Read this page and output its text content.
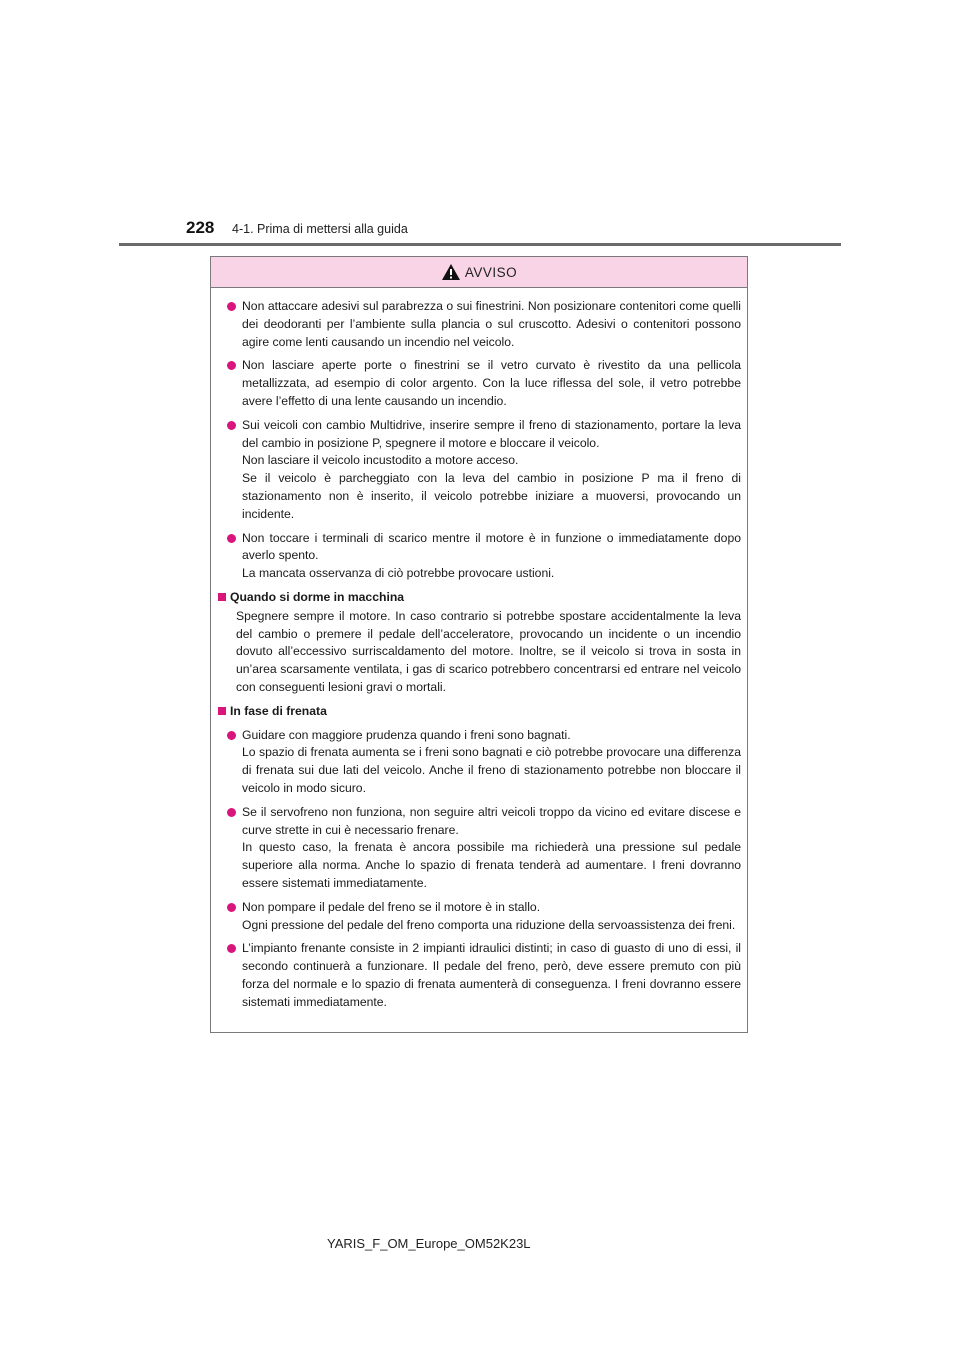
228 4-1. Prima di mettersi alla guida
AVVISO
Non attaccare adesivi sul parabrezza o sui finestrini. Non posizionare contenitori come quelli dei deodoranti per l’ambiente sulla plancia o sul cruscotto. Adesivi o contenitori possono agire come lenti causando un incendio nel veicolo.
Non lasciare aperte porte o finestrini se il vetro curvato è rivestito da una pellicola metallizzata, ad esempio di color argento. Con la luce riflessa del sole, il vetro potrebbe avere l’effetto di una lente causando un incendio.
Sui veicoli con cambio Multidrive, inserire sempre il freno di stazionamento, portare la leva del cambio in posizione P, spegnere il motore e bloccare il veicolo.
Non lasciare il veicolo incustodito a motore acceso.
Se il veicolo è parcheggiato con la leva del cambio in posizione P ma il freno di stazionamento non è inserito, il veicolo potrebbe iniziare a muoversi, provocando un incidente.
Non toccare i terminali di scarico mentre il motore è in funzione o immediatamente dopo averlo spento.
La mancata osservanza di ciò potrebbe provocare ustioni.
Quando si dorme in macchina
Spegnere sempre il motore. In caso contrario si potrebbe spostare accidentalmente la leva del cambio o premere il pedale dell’acceleratore, provocando un incidente o un incendio dovuto all’eccessivo surriscaldamento del motore. Inoltre, se il veicolo si trova in sosta in un’area scarsamente ventilata, i gas di scarico potrebbero concentrarsi ed entrare nel veicolo con conseguenti lesioni gravi o mortali.
In fase di frenata
Guidare con maggiore prudenza quando i freni sono bagnati.
Lo spazio di frenata aumenta se i freni sono bagnati e ciò potrebbe provocare una differenza di frenata sui due lati del veicolo. Anche il freno di stazionamento potrebbe non bloccare il veicolo in modo sicuro.
Se il servofreno non funziona, non seguire altri veicoli troppo da vicino ed evitare discese e curve strette in cui è necessario frenare.
In questo caso, la frenata è ancora possibile ma richiederà una pressione sul pedale superiore alla norma. Anche lo spazio di frenata tenderà ad aumentare. I freni dovranno essere sistemati immediatamente.
Non pompare il pedale del freno se il motore è in stallo.
Ogni pressione del pedale del freno comporta una riduzione della servoassistenza dei freni.
L’impianto frenante consiste in 2 impianti idraulici distinti; in caso di guasto di uno di essi, il secondo continuerà a funzionare. Il pedale del freno, però, deve essere premuto con più forza del normale e lo spazio di frenata aumenterà di conseguenza. I freni dovranno essere sistemati immediatamente.
YARIS_F_OM_Europe_OM52K23L
